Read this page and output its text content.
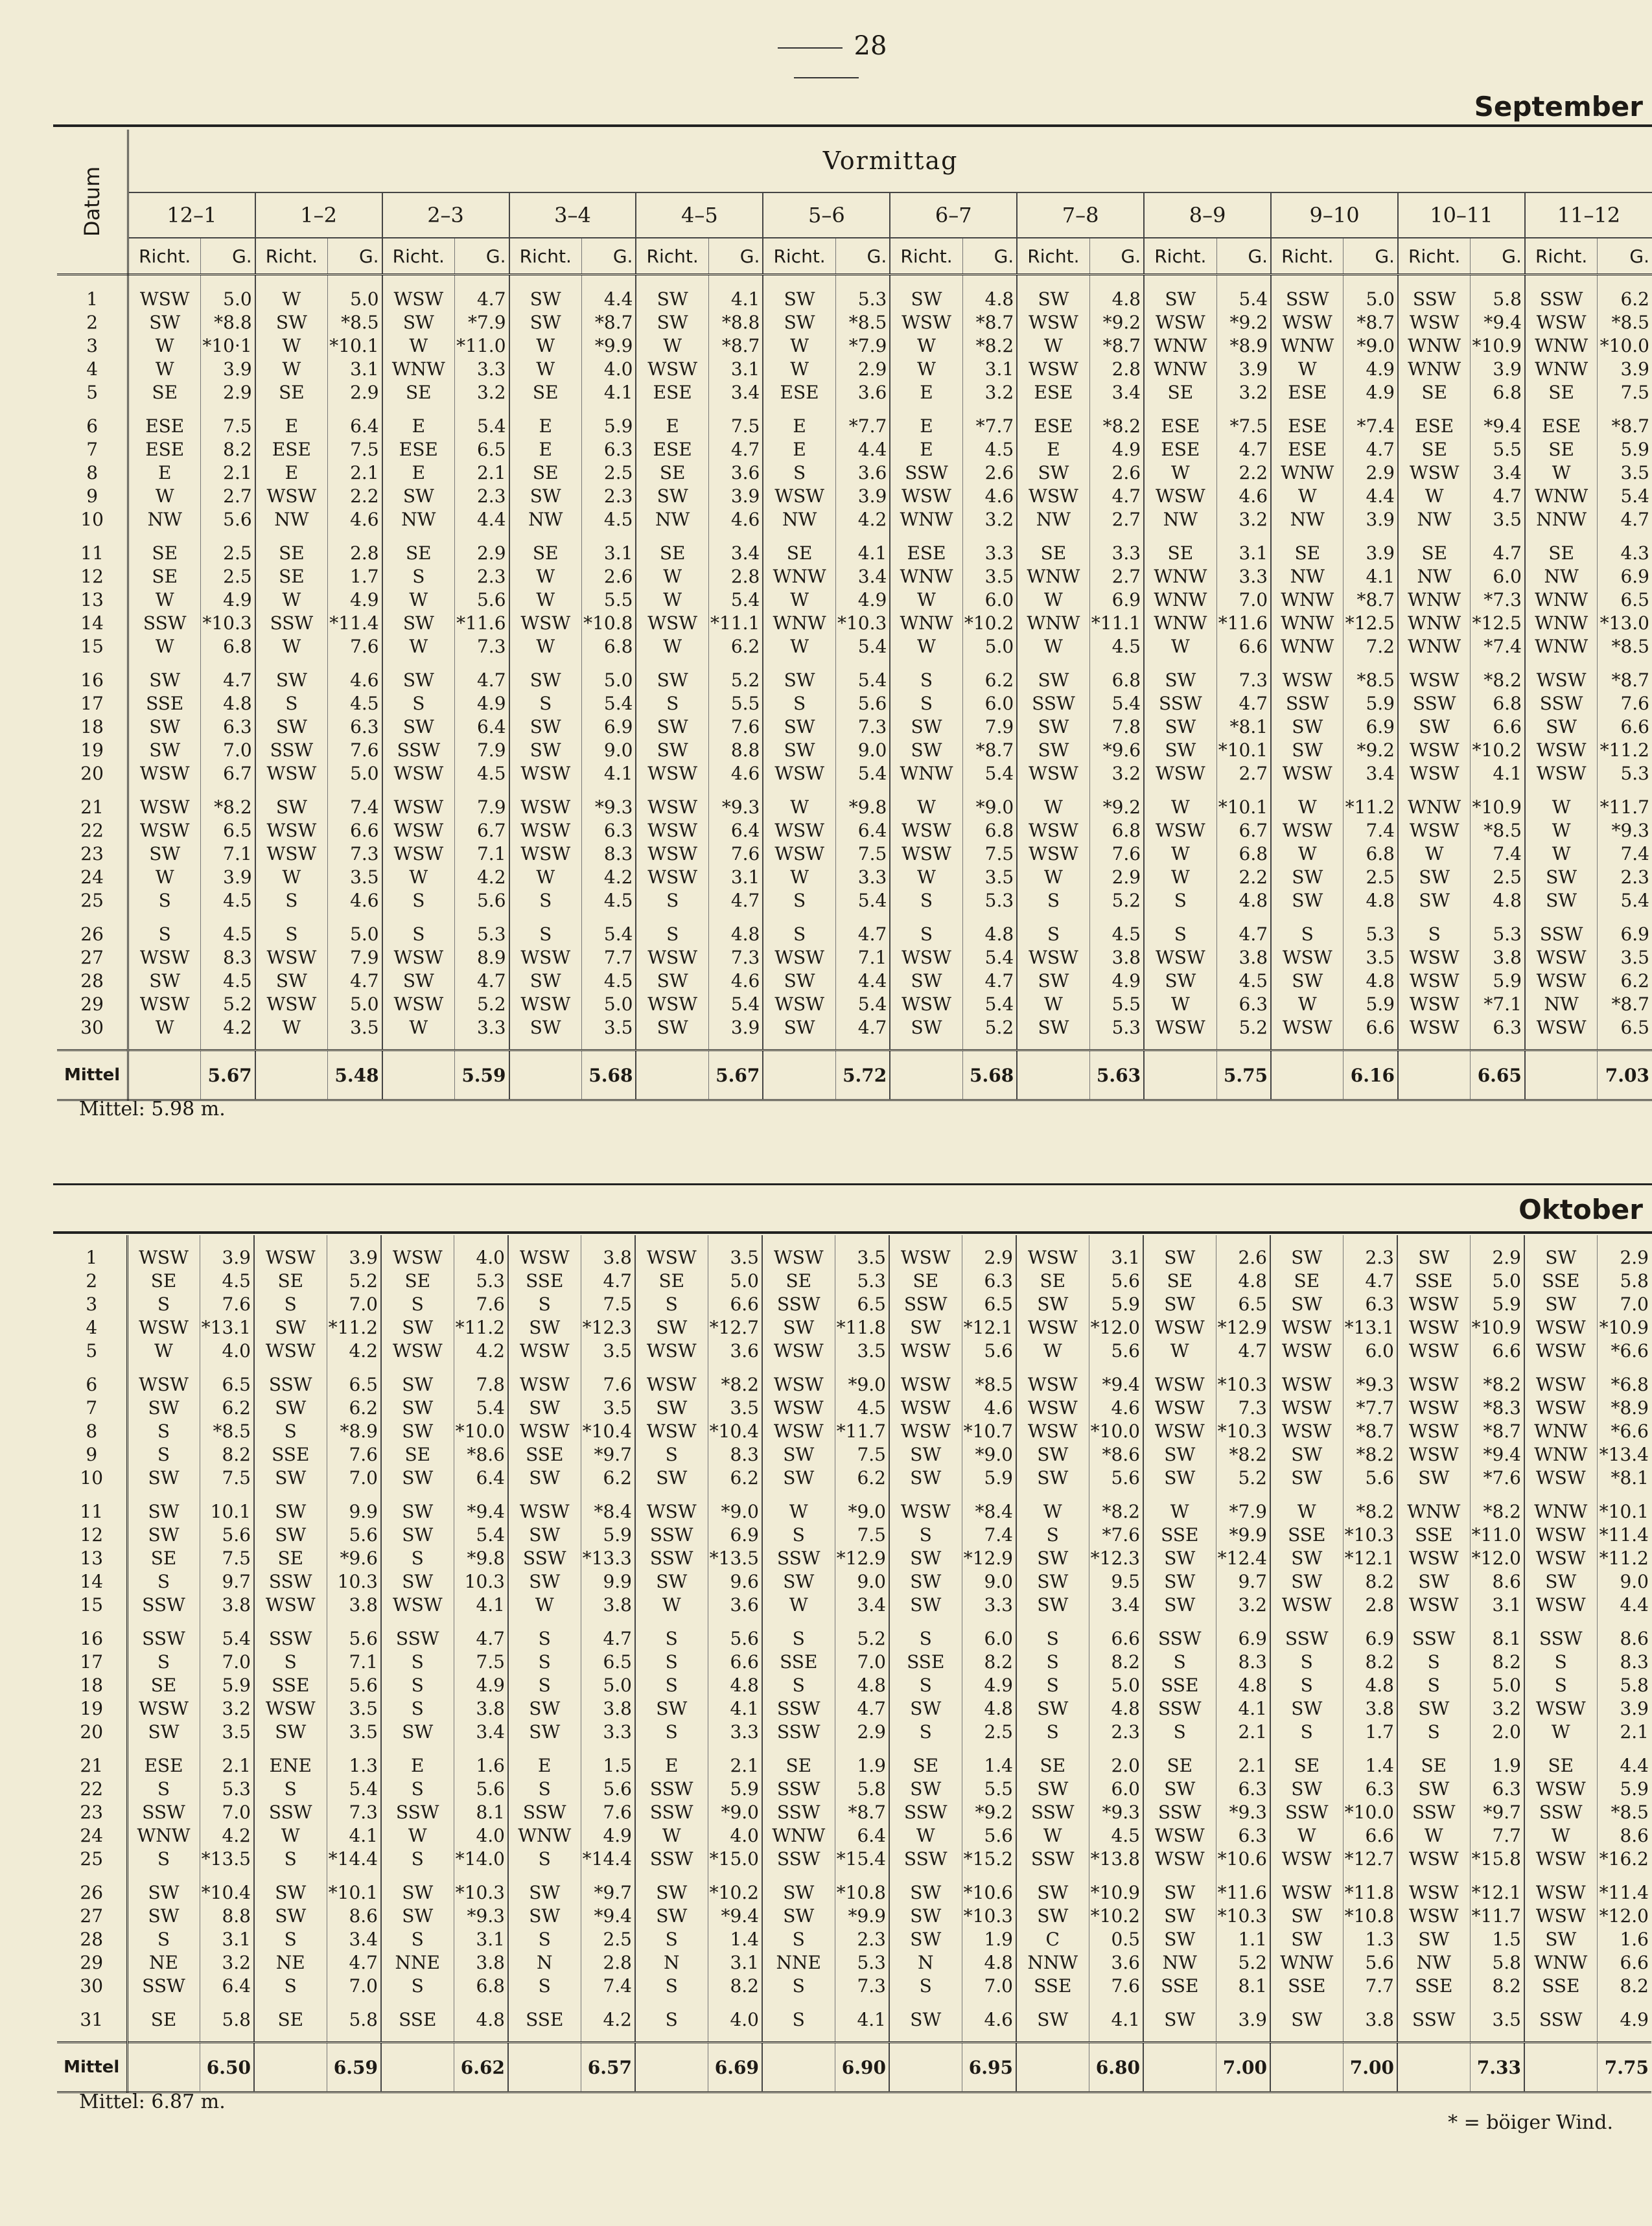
28
September
Datum	Vormittag																							
	12–1		1–2		2–3		3–4		4–5		5–6		6–7		7–8		8–9		9–10		10–11		11–12	
	Richt.	G.	Richt.	G.	Richt.	G.	Richt.	G.	Richt.	G.	Richt.	G.	Richt.	G.	Richt.	G.	Richt.	G.	Richt.	G.	Richt.	G.	Richt.	G.

1	WSW	5.0	W	5.0	WSW	4.7	SW	4.4	SW	4.1	SW	5.3	SW	4.8	SW	4.8	SW	5.4	SSW	5.0	SSW	5.8	SSW	6.2
2	SW	*8.8	SW	*8.5	SW	*7.9	SW	*8.7	SW	*8.8	SW	*8.5	WSW	*8.7	WSW	*9.2	WSW	*9.2	WSW	*8.7	WSW	*9.4	WSW	*8.5
3	W	*10·1	W	*10.1	W	*11.0	W	*9.9	W	*8.7	W	*7.9	W	*8.2	W	*8.7	WNW	*8.9	WNW	*9.0	WNW	*10.9	WNW	*10.0
4	W	3.9	W	3.1	WNW	3.3	W	4.0	WSW	3.1	W	2.9	W	3.1	WSW	2.8	WNW	3.9	W	4.9	WNW	3.9	WNW	3.9
5	SE	2.9	SE	2.9	SE	3.2	SE	4.1	ESE	3.4	ESE	3.6	E	3.2	ESE	3.4	SE	3.2	ESE	4.9	SE	6.8	SE	7.5

6	ESE	7.5	E	6.4	E	5.4	E	5.9	E	7.5	E	*7.7	E	*7.7	ESE	*8.2	ESE	*7.5	ESE	*7.4	ESE	*9.4	ESE	*8.7
7	ESE	8.2	ESE	7.5	ESE	6.5	E	6.3	ESE	4.7	E	4.4	E	4.5	E	4.9	ESE	4.7	ESE	4.7	SE	5.5	SE	5.9
8	E	2.1	E	2.1	E	2.1	SE	2.5	SE	3.6	S	3.6	SSW	2.6	SW	2.6	W	2.2	WNW	2.9	WSW	3.4	W	3.5
9	W	2.7	WSW	2.2	SW	2.3	SW	2.3	SW	3.9	WSW	3.9	WSW	4.6	WSW	4.7	WSW	4.6	W	4.4	W	4.7	WNW	5.4
10	NW	5.6	NW	4.6	NW	4.4	NW	4.5	NW	4.6	NW	4.2	WNW	3.2	NW	2.7	NW	3.2	NW	3.9	NW	3.5	NNW	4.7

11	SE	2.5	SE	2.8	SE	2.9	SE	3.1	SE	3.4	SE	4.1	ESE	3.3	SE	3.3	SE	3.1	SE	3.9	SE	4.7	SE	4.3
12	SE	2.5	SE	1.7	S	2.3	W	2.6	W	2.8	WNW	3.4	WNW	3.5	WNW	2.7	WNW	3.3	NW	4.1	NW	6.0	NW	6.9
13	W	4.9	W	4.9	W	5.6	W	5.5	W	5.4	W	4.9	W	6.0	W	6.9	WNW	7.0	WNW	*8.7	WNW	*7.3	WNW	6.5
14	SSW	*10.3	SSW	*11.4	SW	*11.6	WSW	*10.8	WSW	*11.1	WNW	*10.3	WNW	*10.2	WNW	*11.1	WNW	*11.6	WNW	*12.5	WNW	*12.5	WNW	*13.0
15	W	6.8	W	7.6	W	7.3	W	6.8	W	6.2	W	5.4	W	5.0	W	4.5	W	6.6	WNW	7.2	WNW	*7.4	WNW	*8.5

16	SW	4.7	SW	4.6	SW	4.7	SW	5.0	SW	5.2	SW	5.4	S	6.2	SW	6.8	SW	7.3	WSW	*8.5	WSW	*8.2	WSW	*8.7
17	SSE	4.8	S	4.5	S	4.9	S	5.4	S	5.5	S	5.6	S	6.0	SSW	5.4	SSW	4.7	SSW	5.9	SSW	6.8	SSW	7.6
18	SW	6.3	SW	6.3	SW	6.4	SW	6.9	SW	7.6	SW	7.3	SW	7.9	SW	7.8	SW	*8.1	SW	6.9	SW	6.6	SW	6.6
19	SW	7.0	SSW	7.6	SSW	7.9	SW	9.0	SW	8.8	SW	9.0	SW	*8.7	SW	*9.6	SW	*10.1	SW	*9.2	WSW	*10.2	WSW	*11.2
20	WSW	6.7	WSW	5.0	WSW	4.5	WSW	4.1	WSW	4.6	WSW	5.4	WNW	5.4	WSW	3.2	WSW	2.7	WSW	3.4	WSW	4.1	WSW	5.3

21	WSW	*8.2	SW	7.4	WSW	7.9	WSW	*9.3	WSW	*9.3	W	*9.8	W	*9.0	W	*9.2	W	*10.1	W	*11.2	WNW	*10.9	W	*11.7
22	WSW	6.5	WSW	6.6	WSW	6.7	WSW	6.3	WSW	6.4	WSW	6.4	WSW	6.8	WSW	6.8	WSW	6.7	WSW	7.4	WSW	*8.5	W	*9.3
23	SW	7.1	WSW	7.3	WSW	7.1	WSW	8.3	WSW	7.6	WSW	7.5	WSW	7.5	WSW	7.6	W	6.8	W	6.8	W	7.4	W	7.4
24	W	3.9	W	3.5	W	4.2	W	4.2	WSW	3.1	W	3.3	W	3.5	W	2.9	W	2.2	SW	2.5	SW	2.5	SW	2.3
25	S	4.5	S	4.6	S	5.6	S	4.5	S	4.7	S	5.4	S	5.3	S	5.2	S	4.8	SW	4.8	SW	4.8	SW	5.4

26	S	4.5	S	5.0	S	5.3	S	5.4	S	4.8	S	4.7	S	4.8	S	4.5	S	4.7	S	5.3	S	5.3	SSW	6.9
27	WSW	8.3	WSW	7.9	WSW	8.9	WSW	7.7	WSW	7.3	WSW	7.1	WSW	5.4	WSW	3.8	WSW	3.8	WSW	3.5	WSW	3.8	WSW	3.5
28	SW	4.5	SW	4.7	SW	4.7	SW	4.5	SW	4.6	SW	4.4	SW	4.7	SW	4.9	SW	4.5	SW	4.8	WSW	5.9	WSW	6.2
29	WSW	5.2	WSW	5.0	WSW	5.2	WSW	5.0	WSW	5.4	WSW	5.4	WSW	5.4	W	5.5	W	6.3	W	5.9	WSW	*7.1	NW	*8.7
30	W	4.2	W	3.5	W	3.3	SW	3.5	SW	3.9	SW	4.7	SW	5.2	SW	5.3	WSW	5.2	WSW	6.6	WSW	6.3	WSW	6.5

Mittel		5.67		5.48		5.59		5.68		5.67		5.72		5.68		5.63		5.75		6.16		6.65		7.03
Mittel: 5.98 m.
Oktober

1	WSW	3.9	WSW	3.9	WSW	4.0	WSW	3.8	WSW	3.5	WSW	3.5	WSW	2.9	WSW	3.1	SW	2.6	SW	2.3	SW	2.9	SW	2.9
2	SE	4.5	SE	5.2	SE	5.3	SSE	4.7	SE	5.0	SE	5.3	SE	6.3	SE	5.6	SE	4.8	SE	4.7	SSE	5.0	SSE	5.8
3	S	7.6	S	7.0	S	7.6	S	7.5	S	6.6	SSW	6.5	SSW	6.5	SW	5.9	SW	6.5	SW	6.3	WSW	5.9	SW	7.0
4	WSW	*13.1	SW	*11.2	SW	*11.2	SW	*12.3	SW	*12.7	SW	*11.8	SW	*12.1	WSW	*12.0	WSW	*12.9	WSW	*13.1	WSW	*10.9	WSW	*10.9
5	W	4.0	WSW	4.2	WSW	4.2	WSW	3.5	WSW	3.6	WSW	3.5	WSW	5.6	W	5.6	W	4.7	WSW	6.0	WSW	6.6	WSW	*6.6

6	WSW	6.5	SSW	6.5	SW	7.8	WSW	7.6	WSW	*8.2	WSW	*9.0	WSW	*8.5	WSW	*9.4	WSW	*10.3	WSW	*9.3	WSW	*8.2	WSW	*6.8
7	SW	6.2	SW	6.2	SW	5.4	SW	3.5	SW	3.5	WSW	4.5	WSW	4.6	WSW	4.6	WSW	7.3	WSW	*7.7	WSW	*8.3	WSW	*8.9
8	S	*8.5	S	*8.9	SW	*10.0	WSW	*10.4	WSW	*10.4	WSW	*11.7	WSW	*10.7	WSW	*10.0	WSW	*10.3	WSW	*8.7	WSW	*8.7	WNW	*6.6
9	S	8.2	SSE	7.6	SE	*8.6	SSE	*9.7	S	8.3	SW	7.5	SW	*9.0	SW	*8.6	SW	*8.2	SW	*8.2	WSW	*9.4	WNW	*13.4
10	SW	7.5	SW	7.0	SW	6.4	SW	6.2	SW	6.2	SW	6.2	SW	5.9	SW	5.6	SW	5.2	SW	5.6	SW	*7.6	WSW	*8.1

11	SW	10.1	SW	9.9	SW	*9.4	WSW	*8.4	WSW	*9.0	W	*9.0	WSW	*8.4	W	*8.2	W	*7.9	W	*8.2	WNW	*8.2	WNW	*10.1
12	SW	5.6	SW	5.6	SW	5.4	SW	5.9	SSW	6.9	S	7.5	S	7.4	S	*7.6	SSE	*9.9	SSE	*10.3	SSE	*11.0	WSW	*11.4
13	SE	7.5	SE	*9.6	S	*9.8	SSW	*13.3	SSW	*13.5	SSW	*12.9	SW	*12.9	SW	*12.3	SW	*12.4	SW	*12.1	WSW	*12.0	WSW	*11.2
14	S	9.7	SSW	10.3	SW	10.3	SW	9.9	SW	9.6	SW	9.0	SW	9.0	SW	9.5	SW	9.7	SW	8.2	SW	8.6	SW	9.0
15	SSW	3.8	WSW	3.8	WSW	4.1	W	3.8	W	3.6	W	3.4	SW	3.3	SW	3.4	SW	3.2	WSW	2.8	WSW	3.1	WSW	4.4

16	SSW	5.4	SSW	5.6	SSW	4.7	S	4.7	S	5.6	S	5.2	S	6.0	S	6.6	SSW	6.9	SSW	6.9	SSW	8.1	SSW	8.6
17	S	7.0	S	7.1	S	7.5	S	6.5	S	6.6	SSE	7.0	SSE	8.2	S	8.2	S	8.3	S	8.2	S	8.2	S	8.3
18	SE	5.9	SSE	5.6	S	4.9	S	5.0	S	4.8	S	4.8	S	4.9	S	5.0	SSE	4.8	S	4.8	S	5.0	S	5.8
19	WSW	3.2	WSW	3.5	S	3.8	SW	3.8	SW	4.1	SSW	4.7	SW	4.8	SW	4.8	SSW	4.1	SW	3.8	SW	3.2	WSW	3.9
20	SW	3.5	SW	3.5	SW	3.4	SW	3.3	S	3.3	SSW	2.9	S	2.5	S	2.3	S	2.1	S	1.7	S	2.0	W	2.1

21	ESE	2.1	ENE	1.3	E	1.6	E	1.5	E	2.1	SE	1.9	SE	1.4	SE	2.0	SE	2.1	SE	1.4	SE	1.9	SE	4.4
22	S	5.3	S	5.4	S	5.6	S	5.6	SSW	5.9	SSW	5.8	SW	5.5	SW	6.0	SW	6.3	SW	6.3	SW	6.3	WSW	5.9
23	SSW	7.0	SSW	7.3	SSW	8.1	SSW	7.6	SSW	*9.0	SSW	*8.7	SSW	*9.2	SSW	*9.3	SSW	*9.3	SSW	*10.0	SSW	*9.7	SSW	*8.5
24	WNW	4.2	W	4.1	W	4.0	WNW	4.9	W	4.0	WNW	6.4	W	5.6	W	4.5	WSW	6.3	W	6.6	W	7.7	W	8.6
25	S	*13.5	S	*14.4	S	*14.0	S	*14.4	SSW	*15.0	SSW	*15.4	SSW	*15.2	SSW	*13.8	WSW	*10.6	WSW	*12.7	WSW	*15.8	WSW	*16.2

26	SW	*10.4	SW	*10.1	SW	*10.3	SW	*9.7	SW	*10.2	SW	*10.8	SW	*10.6	SW	*10.9	SW	*11.6	WSW	*11.8	WSW	*12.1	WSW	*11.4
27	SW	8.8	SW	8.6	SW	*9.3	SW	*9.4	SW	*9.4	SW	*9.9	SW	*10.3	SW	*10.2	SW	*10.3	SW	*10.8	WSW	*11.7	WSW	*12.0
28	S	3.1	S	3.4	S	3.1	S	2.5	S	1.4	S	2.3	SW	1.9	C	0.5	SW	1.1	SW	1.3	SW	1.5	SW	1.6
29	NE	3.2	NE	4.7	NNE	3.8	N	2.8	N	3.1	NNE	5.3	N	4.8	NNW	3.6	NW	5.2	WNW	5.6	NW	5.8	WNW	6.6
30	SSW	6.4	S	7.0	S	6.8	S	7.4	S	8.2	S	7.3	S	7.0	SSE	7.6	SSE	8.1	SSE	7.7	SSE	8.2	SSE	8.2

31	SE	5.8	SE	5.8	SSE	4.8	SSE	4.2	S	4.0	S	4.1	SW	4.6	SW	4.1	SW	3.9	SW	3.8	SSW	3.5	SSW	4.9

Mittel		6.50		6.59		6.62		6.57		6.69		6.90		6.95		6.80		7.00		7.00		7.33		7.75
Mittel: 6.87 m.
* = böiger Wind.
